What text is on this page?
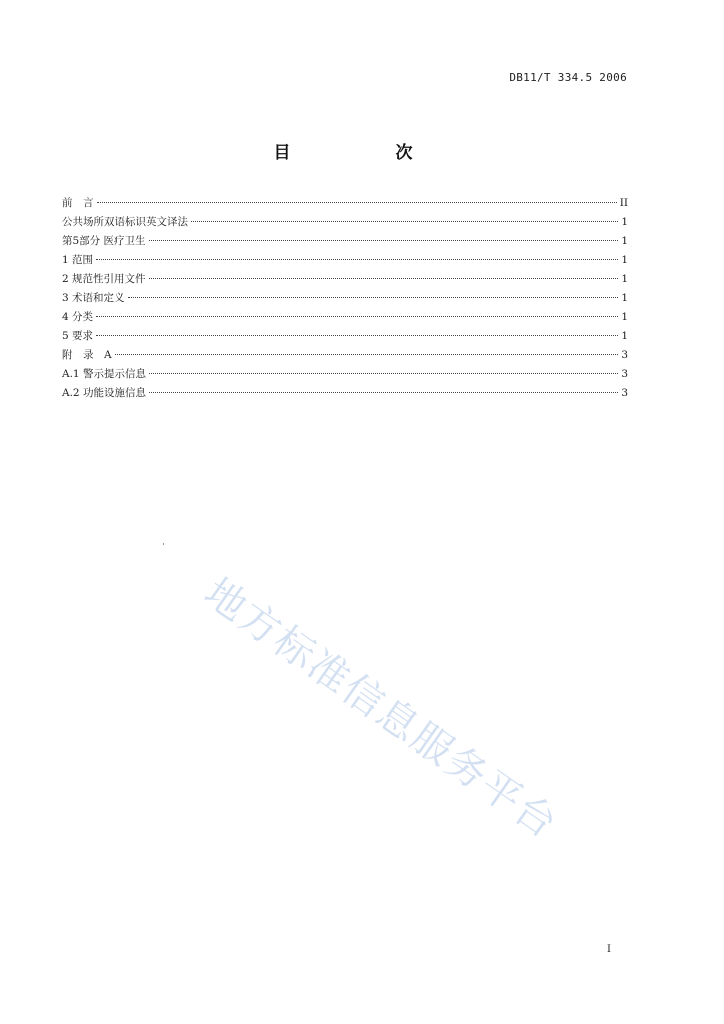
DB11/T 334.5 2006
目　次
前　言	II
公共场所双语标识英文译法	1
第5部分 医疗卫生	1
1 范围	1
2 规范性引用文件	1
3 术语和定义	1
4 分类	1
5 要求	1
附　录　A	3
A.1 警示提示信息	3
A.2 功能设施信息	3
地方标准信息服务平台
I
